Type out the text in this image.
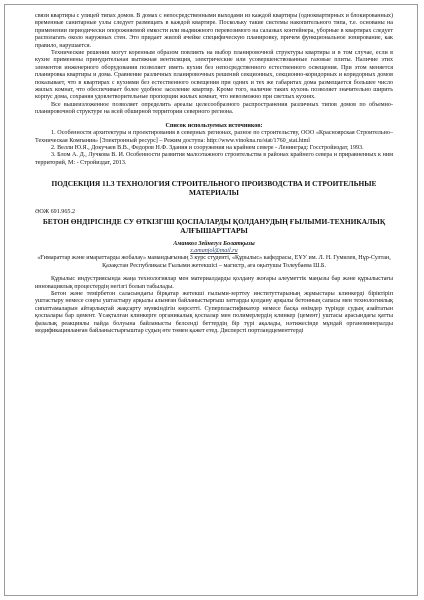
связи квартиры с улицей типах домов. В домах с непосредственными выходами из каждой квартиры (одноквартирных и блокированных) временные санитарные узлы следует размещать в каждой квартире. Поскольку такие системы накопительного типа, т.е. основаны на применении периодически опорожняемой емкости или выдвижного перевозимого на салазках контейнера, уборные в квартирах следует располагать около наружных стен. Это придает жилой ячейке специфическую планировку, причем функциональное зонирование, как правило, нарушается.

Технические решения могут коренным образом повлиять на выбор планировочной структуры квартиры и в том случае, если в кухне применены принудительная вытяжная вентиляция, электрические или усовершенствованные газовые плиты. Наличие этих элементов инженерного оборудования позволяет иметь кухни без непосредственного естественного освещения. При этом меняется планировка квартиры и дома. Сравнение различных планировочных решений секционных, секционно-коридорных и коридорных домов показывает, что в квартирах с кухнями без естественного освещения при одних и тех же габаритах дома размещается большее число жилых комнат, что обеспечивает более удобное заселение квартир. Кроме того, наличие таких кухонь позволяет значительно ширить корпус дома, сохраняя удовлетворительные пропорции жилых комнат, что невозможно при светлых кухнях.

Все вышеизложенное позволяет определить ареалы целесообразного распространения различных типов домов по объемно-планировочной структуре на всей обширной территории северного региона.

Список используемых источников:

1. Особенности архитектуры и проектирования в северных регионах, разное по строительству, ООО «Красноярская Строительно– Техническая Компания» [Электронный ресурс] – Режим доступа: http://www.vinokna.ru/stat/1760_stat.html

2. Велли Ю.Я., Докучаев В.В., Федоров Н.Ф. Здания и сооружения на крайнем севере - Ленинград: Госстройиздат, 1993.

3. Блом А. Д., Лучкова В. И. Особенности развития малоэтажного строительства в районах крайнего севера и приравненных к ним территорий, М: - Стройиздат, 2013.

ПОДСЕКЦИЯ 11.3 ТЕХНОЛОГИЯ СТРОИТЕЛЬНОГО ПРОИЗВОДСТВА И СТРОИТЕЛЬНЫЕ МАТЕРИАЛЫ

ӘОЖ 691.965.2

БЕТОН ӨНДІРІСІНДЕ СУ ӨТКІЗГІШ ҚОСПАЛАРДЫ ҚОЛДАНУДЫҢ ҒЫЛЫМИ-ТЕХНИКАЛЫҚ АЛҒЫШАРТТАРЫ

Аманкол Зейнегул Болатқызы

z.amanjol@mail.ru

«Ғимараттар және имараттарды жобалау» мамандығының 3 курс студенті, «Құрылыс» кафедрасы, ЕҰУ им. Л. Н. Гумилев, Нұр-Султан, Қазақстан Республикасы Ғылыми жетекшісі – магистр, аға оқытушы Толеубаева Ш.Б.

Құрылыс индустриясында жаңа технологиялар мен материалдарды қолдану жоғары алеуметтік маңызы бар және құрылыстағы инновациялық процестердің негізгі болып табылады.

Бетон және темірбетон саласындағы бірқатар жетекші ғылыми-зерттеу институттарының жұмыстары клинкерді біріктіріп уштастыру немесе соңғы уштастыру арқылы алынған байланыстырғыш заттарды қолдану арқылы бетонның сапасы мен технологиялық сипаттамаларын айтарлықтай жақсарту мүмкіндігін көрсетті. Суперпластификатор немесе басқа өнімдер түрінде судың азайтатын қоспалары бар цемент. Ұсақталған клинкерге органикалық қоспалар мен полимерлердің клинкер (цемент) уштасы арасындағы қатты фазалық реакциялы пайда болуына байланысты белсенді беттердің бір түрі ақалады, нәтижесінде мұндай органоминералды модификацияланған байланыстырғыштар судың өте төмен қажет етед. Дисперсті портландцементтерді
